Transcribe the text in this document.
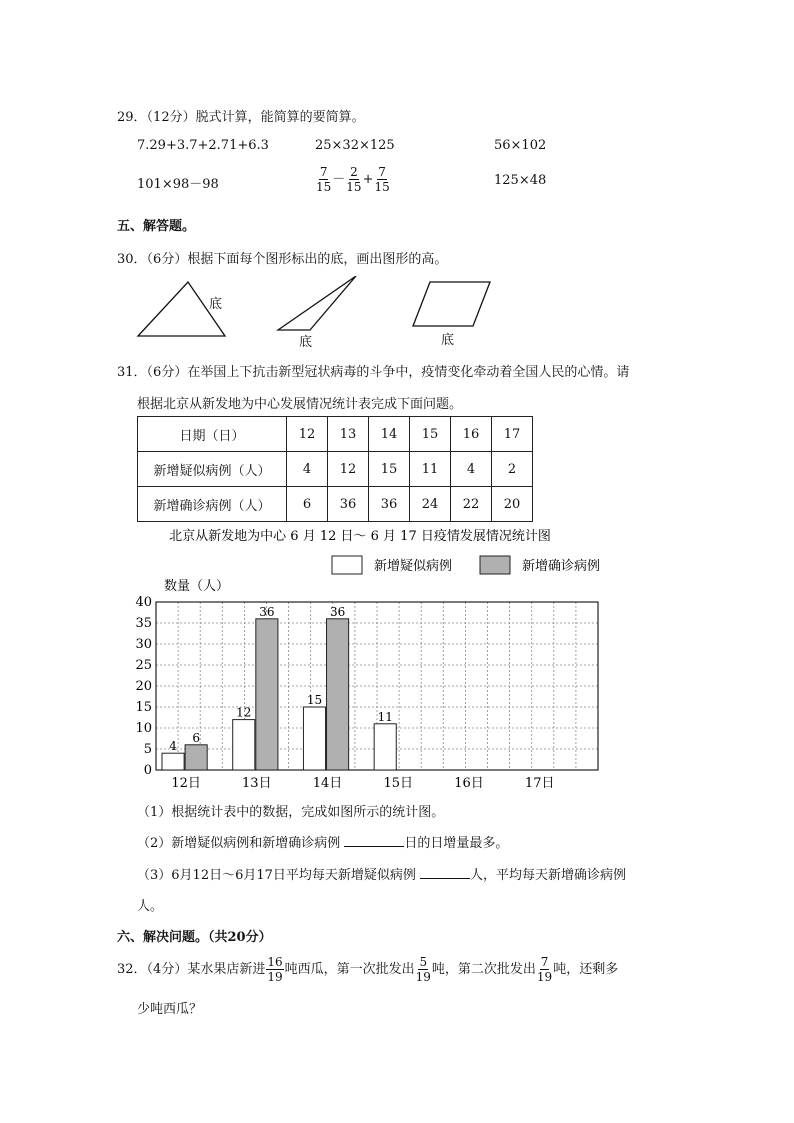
29．（12分）脱式计算，能简算的要简算。
7.29+3.7+2.71+6.3	25×32×125	56×102
101×98－98	$\frac{7}{15} - \frac{2}{15} + \frac{7}{15}$	125×48
五、解答题。
30．（6分）根据下面每个图形标出的底，画出图形的高。
底
底	底
31．（6分）在举国上下抗击新型冠状病毒的斗争中，疫情变化牵动着全国人民的心情。请
根据北京从新发地为中心发展情况统计表完成下面问题。
日期（日）	12	13	14	15	16	17
新增疑似病例（人）	4	12	15	11	4	2
新增确诊病例（人）	6	36	36	24	22	20
北京从新发地为中心 6 月 12 日～ 6 月 17 日疫情发展情况统计图
新增疑似病例	新增确诊病例
数量（人）
0
5
10
15
20
25
30
35
40
4
6
12日
12
36
13日
15
36
14日
11
15日	16日	17日
（1）根据统计表中的数据，完成如图所示的统计图。
（2）新增疑似病例和新增确诊病例	日的日增量最多。
（3）6月12日～6月17日平均每天新增疑似病例	人，平均每天新增确诊病例
人。
六、解决问题。（共20分）
32．（4分）某水果店新进 $\frac{16}{19}$ 吨西瓜，第一次批发出 $\frac{5}{19}$ 吨，第二次批发出 $\frac{7}{19}$ 吨，还剩多
少吨西瓜？
